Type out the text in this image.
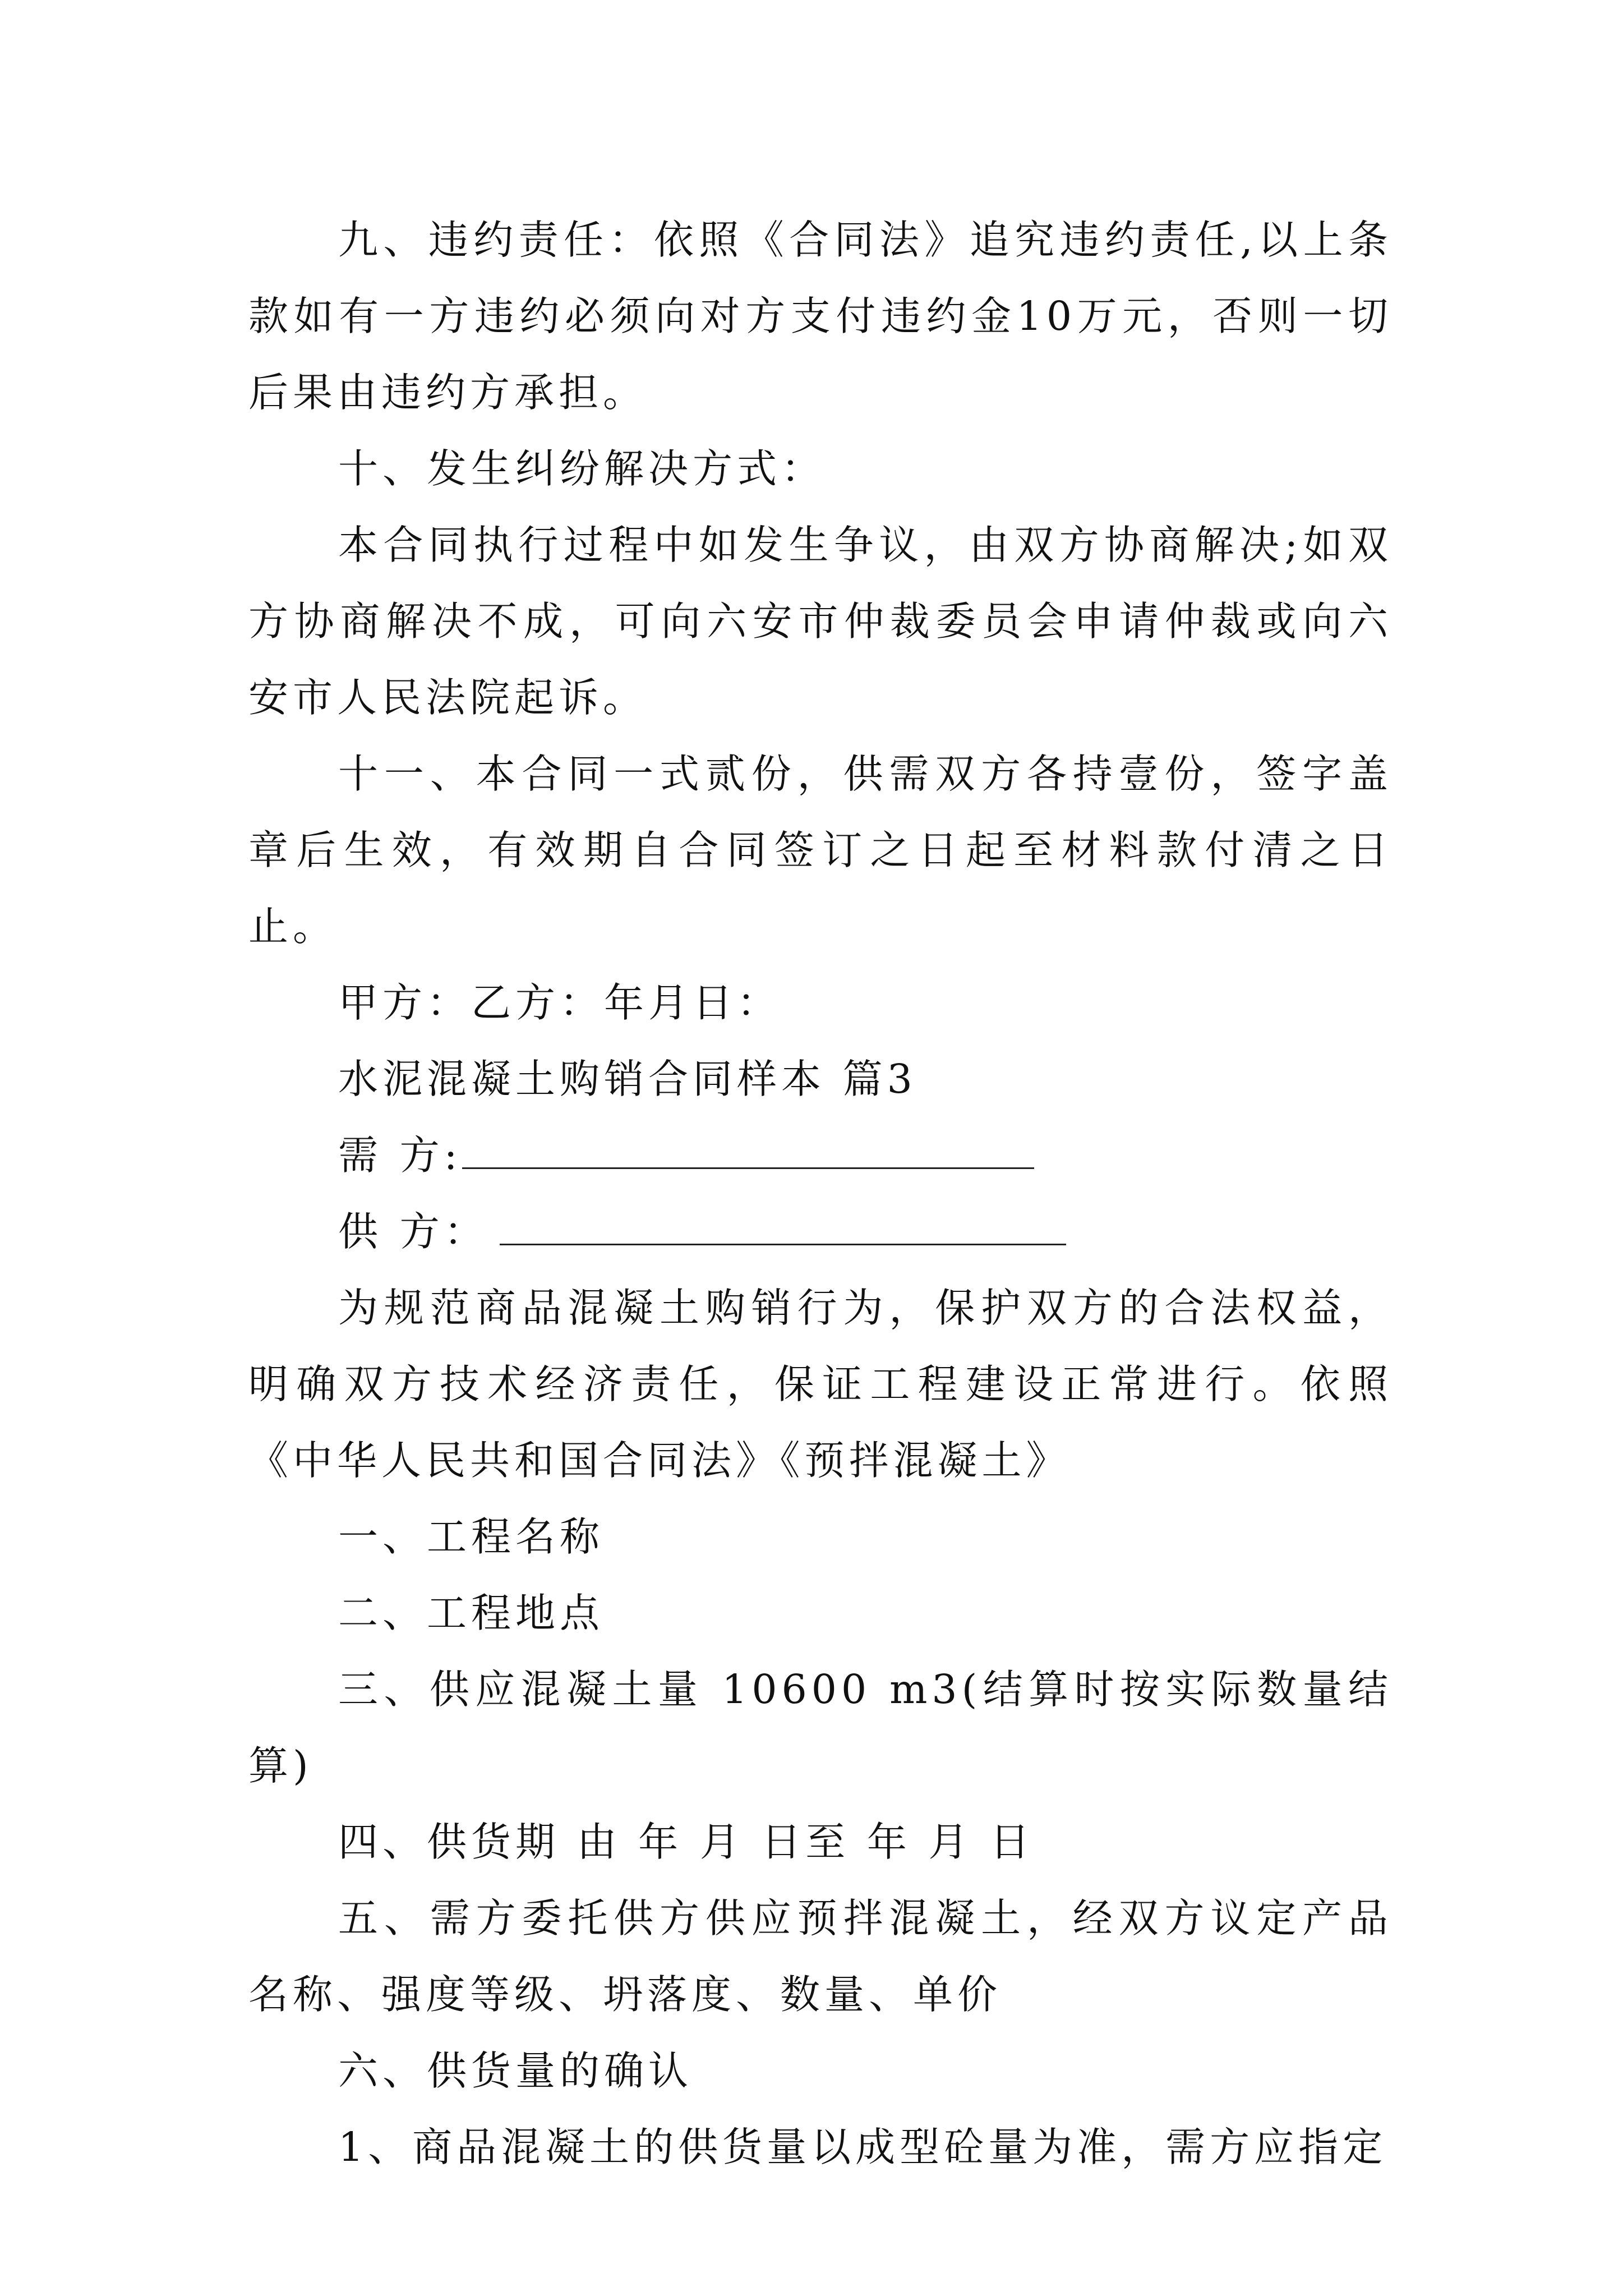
九、违约责任：依照《合同法》追究违约责任,以上条款如有一方违约必须向对方支付违约金10万元，否则一切后果由违约方承担。

十、发生纠纷解决方式：

本合同执行过程中如发生争议，由双方协商解决;如双方协商解决不成，可向六安市仲裁委员会申请仲裁或向六安市人民法院起诉。

十一、本合同一式贰份，供需双方各持壹份，签字盖章后生效，有效期自合同签订之日起至材料款付清之日止。

甲方：乙方：年月日：

水泥混凝土购销合同样本 篇3

需 方:

供 方：

为规范商品混凝土购销行为，保护双方的合法权益，明确双方技术经济责任，保证工程建设正常进行。依照《中华人民共和国合同法》《预拌混凝土》

一、工程名称

二、工程地点

三、供应混凝土量 10600 m3(结算时按实际数量结算)

四、供货期 由 年 月 日至 年 月 日

五、需方委托供方供应预拌混凝土，经双方议定产品名称、强度等级、坍落度、数量、单价

六、供货量的确认

1、商品混凝土的供货量以成型砼量为准，需方应指定
